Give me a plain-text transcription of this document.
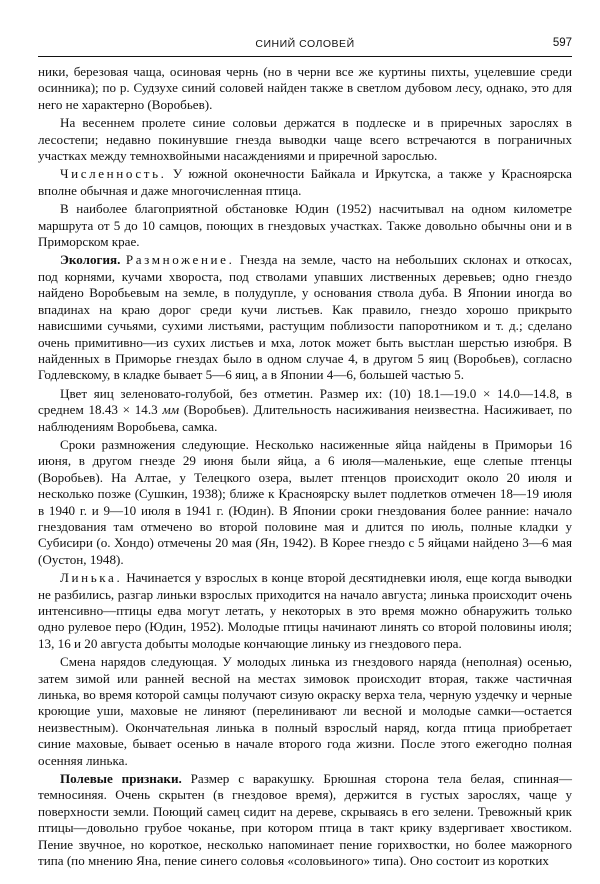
СИНИЙ СОЛОВЕЙ	597

ники, березовая чаща, осиновая чернь (но в черни все же куртины пихты, уцелевшие среди осинника); по р. Судзухе синий соловей найден также в светлом дубовом лесу, однако, это для него не характерно (Воробьев).

На весеннем пролете синие соловьи держатся в подлеске и в приречных зарослях в лесостепи; недавно покинувшие гнезда выводки чаще всего встречаются в пограничных участках между темнохвойными насаждениями и приречной зарослью.

Численность. У южной оконечности Байкала и Иркутска, а также у Красноярска вполне обычная и даже многочисленная птица.

В наиболее благоприятной обстановке Юдин (1952) насчитывал на одном километре маршрута от 5 до 10 самцов, поющих в гнездовых участках. Также довольно обычны они и в Приморском крае.

Экология. Размножение. Гнезда на земле, часто на небольших склонах и откосах, под корнями, кучами хвороста, под стволами упавших лиственных деревьев; одно гнездо найдено Воробьевым на земле, в полудупле, у основания ствола дуба. В Японии иногда во впадинах на краю дорог среди кучи листьев. Как правило, гнездо хорошо прикрыто нависшими сучьями, сухими листьями, растущим поблизости папоротником и т. д.; сделано очень примитивно—из сухих листьев и мха, лоток может быть выстлан шерстью изюбря. В найденных в Приморье гнездах было в одном случае 4, в другом 5 яиц (Воробьев), согласно Годлевскому, в кладке бывает 5—6 яиц, а в Японии 4—6, большей частью 5.

Цвет яиц зеленовато-голубой, без отметин. Размер их: (10) 18.1—19.0 × 14.0—14.8, в среднем 18.43 × 14.3 мм (Воробьев). Длительность насиживания неизвестна. Насиживает, по наблюдениям Воробьева, самка.

Сроки размножения следующие. Несколько насиженные яйца найдены в Приморьи 16 июня, в другом гнезде 29 июня были яйца, а 6 июля—маленькие, еще слепые птенцы (Воробьев). На Алтае, у Телецкого озера, вылет птенцов происходит около 20 июля и несколько позже (Сушкин, 1938); ближе к Красноярску вылет подлетков отмечен 18—19 июля в 1940 г. и 9—10 июля в 1941 г. (Юдин). В Японии сроки гнездования более ранние: начало гнездования там отмечено во второй половине мая и длится по июль, полные кладки у Субисири (о. Хондо) отмечены 20 мая (Ян, 1942). В Корее гнездо с 5 яйцами найдено 3—6 мая (Оустон, 1948).

Линька. Начинается у взрослых в конце второй десятидневки июля, еще когда выводки не разбились, разгар линьки взрослых приходится на начало августа; линька происходит очень интенсивно—птицы едва могут летать, у некоторых в это время можно обнаружить только одно рулевое перо (Юдин, 1952). Молодые птицы начинают линять со второй половины июля; 13, 16 и 20 августа добыты молодые кончающие линьку из гнездового пера.

Смена нарядов следующая. У молодых линька из гнездового наряда (неполная) осенью, затем зимой или ранней весной на местах зимовок происходит вторая, также частичная линька, во время которой самцы получают сизую окраску верха тела, черную уздечку и черные кроющие уши, маховые не линяют (перелинивают ли весной и молодые самки—остается неизвестным). Окончательная линька в полный взрослый наряд, когда птица приобретает синие маховые, бывает осенью в начале второго года жизни. После этого ежегодно полная осенняя линька.

Полевые признаки. Размер с варакушку. Брюшная сторона тела белая, спинная—темносиняя. Очень скрытен (в гнездовое время), держится в густых зарослях, чаще у поверхности земли. Поющий самец сидит на дереве, скрываясь в его зелени. Тревожный крик птицы—довольно грубое чоканье, при котором птица в такт крику вздергивает хвостиком. Пение звучное, но короткое, несколько напоминает пение горихвостки, но более мажорного типа (по мнению Яна, пение синего соловья «соловьиного» типа). Оно состоит из коротких
